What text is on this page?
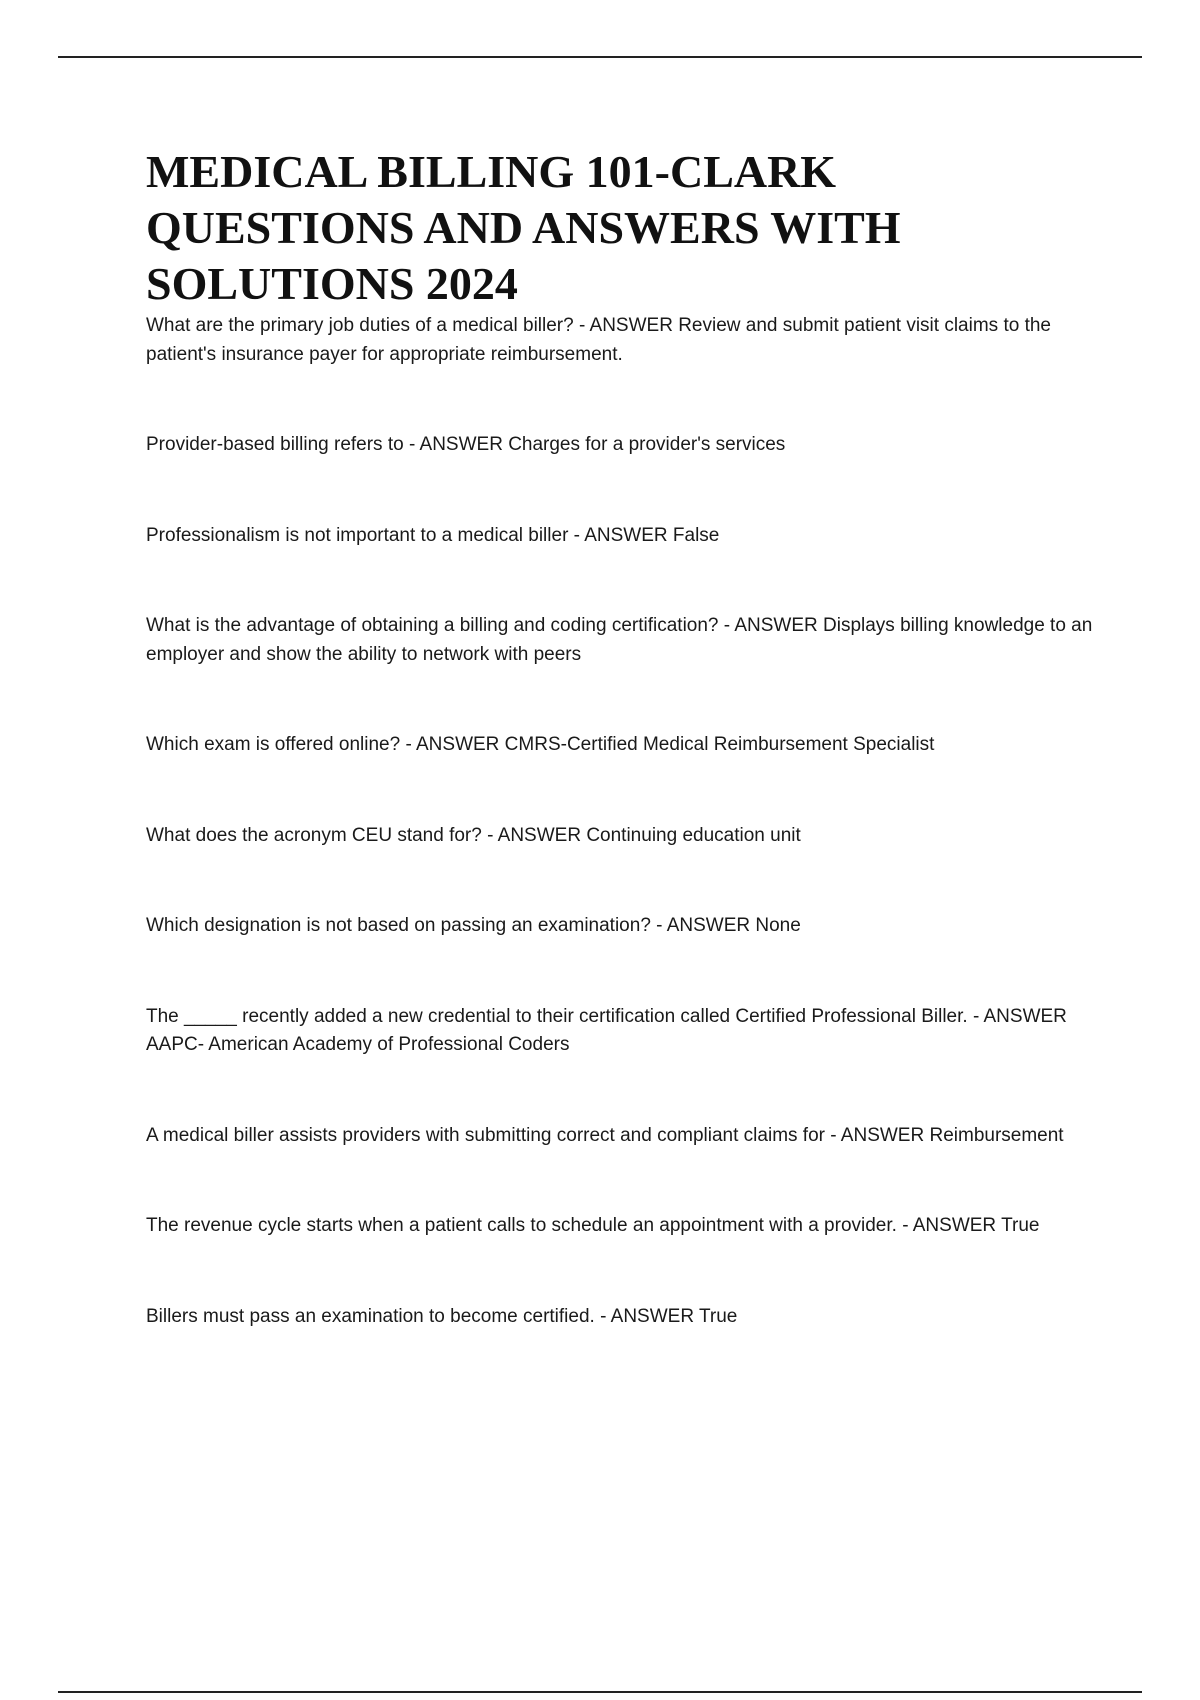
MEDICAL BILLING 101-CLARK QUESTIONS AND ANSWERS WITH SOLUTIONS 2024
What are the primary job duties of a medical biller? - ANSWER Review and submit patient visit claims to the patient's insurance payer for appropriate reimbursement.
Provider-based billing refers to - ANSWER Charges for a provider's services
Professionalism is not important to a medical biller - ANSWER False
What is the advantage of obtaining a billing and coding certification? - ANSWER Displays billing knowledge to an employer and show the ability to network with peers
Which exam is offered online? - ANSWER CMRS-Certified Medical Reimbursement Specialist
What does the acronym CEU stand for? - ANSWER Continuing education unit
Which designation is not based on passing an examination? - ANSWER None
The _____ recently added a new credential to their certification called Certified Professional Biller. - ANSWER AAPC- American Academy of Professional Coders
A medical biller assists providers with submitting correct and compliant claims for - ANSWER Reimbursement
The revenue cycle starts when a patient calls to schedule an appointment with a provider. - ANSWER True
Billers must pass an examination to become certified. - ANSWER True
